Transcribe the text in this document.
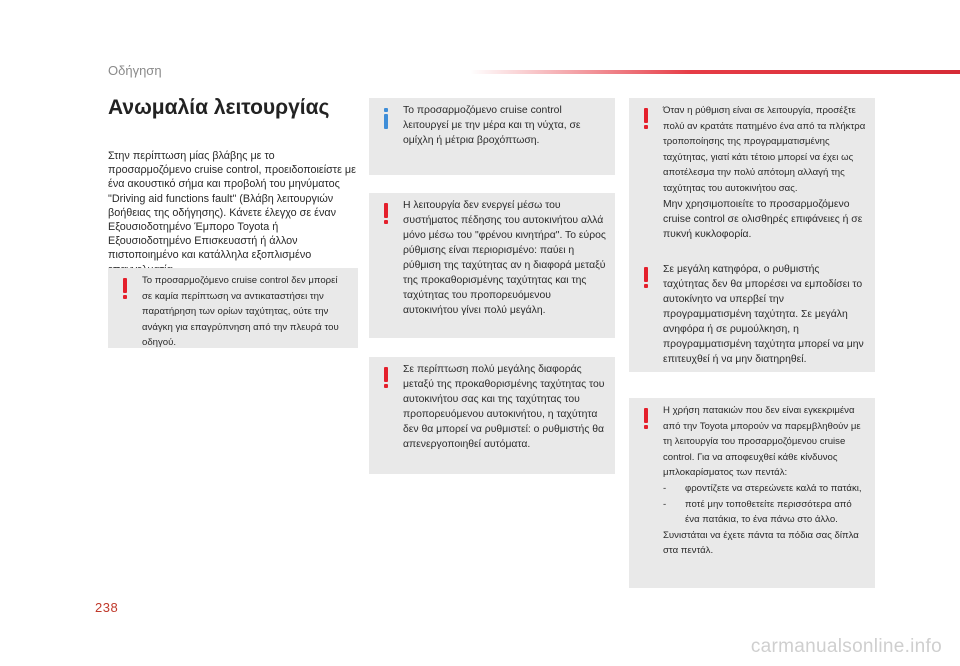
Οδήγηση
Ανωμαλία λειτουργίας

Στην περίπτωση μίας βλάβης με το προσαρμοζόμενο cruise control, προειδοποιείστε με ένα ακουστικό σήμα και προβολή του μηνύματος "Driving aid functions fault" (Βλάβη λειτουργιών βοήθειας της οδήγησης). Κάνετε έλεγχο σε έναν Εξουσιοδοτημένο Έμπορο Toyota ή Εξουσιοδοτημένο Επισκευαστή ή άλλον πιστοποιημένο και κατάλληλα εξοπλισμένο

Το προσαρμοζόμενο cruise control δεν μπορεί σε καμία περίπτωση να αντικαταστήσει την παρατήρηση των ορίων ταχύτητας, ούτε την ανάγκη για επαγρύπνηση από την πλευρά του οδηγού.

Το προσαρμοζόμενο cruise control λειτουργεί με την μέρα και τη νύχτα, σε ομίχλη ή μέτρια βροχόπτωση.

Η λειτουργία δεν ενεργεί μέσω του συστήματος πέδησης του αυτοκινήτου αλλά μόνο μέσω του "φρένου κινητήρα". Το εύρος ρύθμισης είναι περιορισμένο: παύει η ρύθμιση της ταχύτητας αν η διαφορά μεταξύ της προκαθορισμένης ταχύτητας και της ταχύτητας του προπορευόμενου αυτοκινήτου γίνει πολύ μεγάλη.

Σε περίπτωση πολύ μεγάλης διαφοράς μεταξύ της προκαθορισμένης ταχύτητας του αυτοκινήτου σας και της ταχύτητας του προπορευόμενου αυτοκινήτου, η ταχύτητα δεν θα μπορεί να ρυθμιστεί: ο ρυθμιστής θα απενεργοποιηθεί αυτόματα.

Όταν η ρύθμιση είναι σε λειτουργία, προσέξτε πολύ αν κρατάτε πατημένο ένα από τα πλήκτρα τροποποίησης της προγραμματισμένης ταχύτητας, γιατί κάτι τέτοιο μπορεί να έχει ως αποτέλεσμα την πολύ απότομη αλλαγή της ταχύτητας του αυτοκινήτου σας.

Μην χρησιμοποιείτε το προσαρμοζόμενο cruise control σε ολισθηρές επιφάνειες ή σε πυκνή κυκλοφορία.

Σε μεγάλη κατηφόρα, ο ρυθμιστής ταχύτητας δεν θα μπορέσει να εμποδίσει το αυτοκίνητο να υπερβεί την προγραμματισμένη ταχύτητα. Σε μεγάλη ανηφόρα ή σε ρυμούλκηση, η προγραμματισμένη ταχύτητα μπορεί να μην επιτευχθεί ή να μην διατηρηθεί.

Η χρήση πατακιών που δεν είναι εγκεκριμένα από την Toyota μπορούν να παρεμβληθούν με τη λειτουργία του προσαρμοζόμενου cruise control. Για να αποφευχθεί κάθε κίνδυνος μπλοκαρίσματος των πεντάλ:

- φροντίζετε να στερεώνετε καλά το πατάκι,
- ποτέ μην τοποθετείτε περισσότερα από ένα πατάκια, το ένα πάνω στο άλλο.

Συνιστάται να έχετε πάντα τα πόδια σας δίπλα στα πεντάλ.

238
carmanualsonline.info
